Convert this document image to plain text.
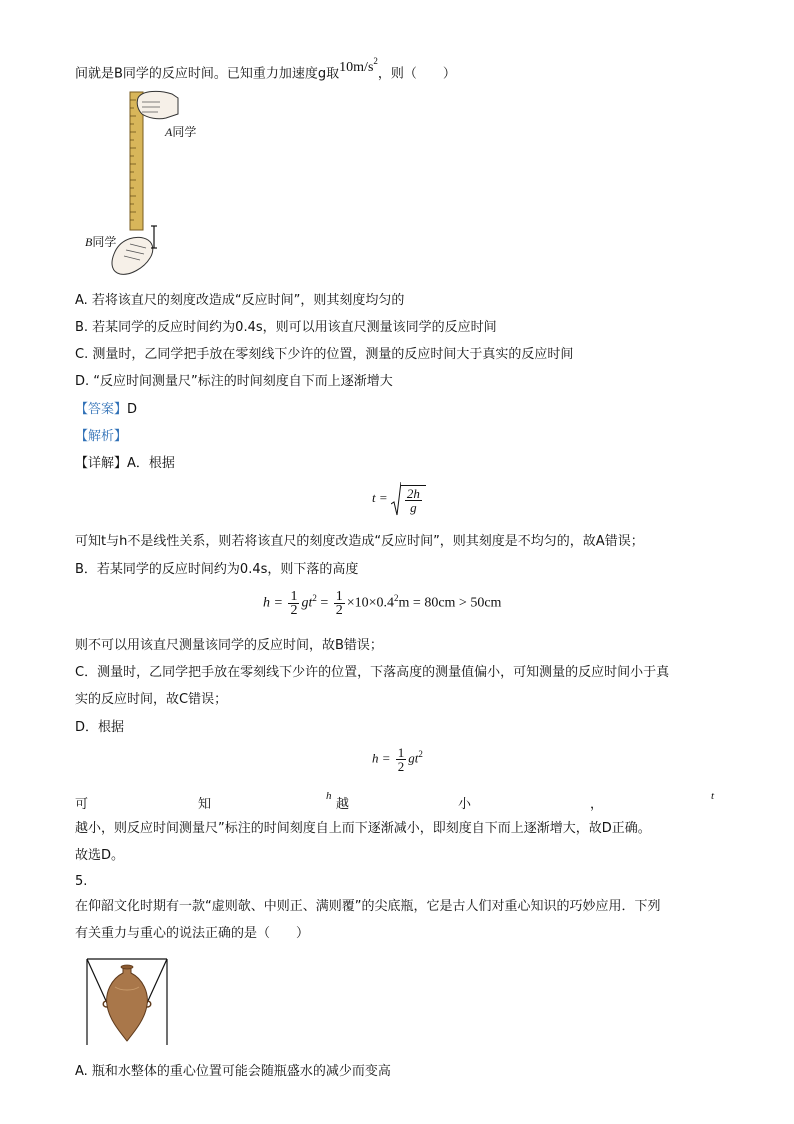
间就是B同学的反应时间。已知重力加速度g取$10m/s^2$，则（　　）
A同学
B同学
A. 若将该直尺的刻度改造成“反应时间”，则其刻度均匀的
B. 若某同学的反应时间约为0.4s，则可以用该直尺测量该同学的反应时间
C. 测量时，乙同学把手放在零刻线下少许的位置，测量的反应时间大于真实的反应时间
D. “反应时间测量尺”标注的时间刻度自下而上逐渐增大
【答案】D
【解析】
【详解】A．根据
$t = \frac{2h}{g}$
可知t与h不是线性关系，则若将该直尺的刻度改造成“反应时间”，则其刻度是不均匀的，故A错误；
B．若某同学的反应时间约为0.4s，则下落的高度
$h = \frac{1}{2} gt^2 = \frac{1}{2} \times 10\times 0.4^2m = 80cm > 50cm$
则不可以用该直尺测量该同学的反应时间，故B错误；
C．测量时，乙同学把手放在零刻线下少许的位置，下落高度的测量值偏小，可知测量的反应时间小于真
实的反应时间，故C错误；
D．根据
$h = \frac{1}{2} gt^2$
可	知
h
越	小	，
t
越小，则反应时间测量尺”标注的时间刻度自上而下逐渐减小，即刻度自下而上逐渐增大，故D正确。
故选D。
5.
在仰韶文化时期有一款“虚则欹、中则正、满则覆”的尖底瓶，它是古人们对重心知识的巧妙应用．下列
有关重力与重心的说法正确的是（　　）
A. 瓶和水整体的重心位置可能会随瓶盛水的减少而变高
